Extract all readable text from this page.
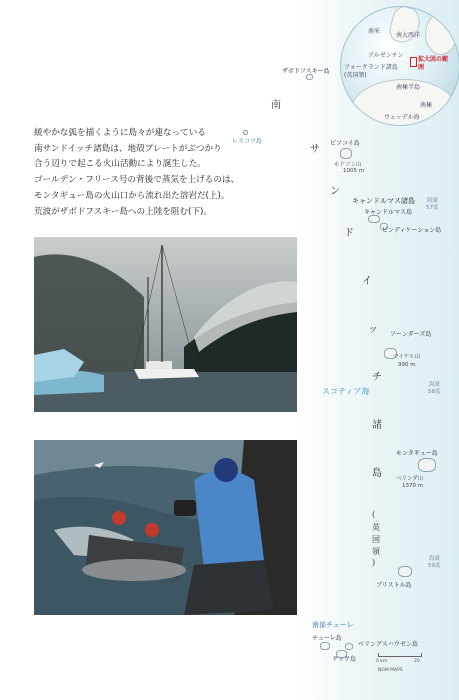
南米
南大西洋
アルゼンチン
フォークランド諸島(英国領)
南極半島
南極
ウェッデル海
拡大図の範囲
緩やかな弧を描くように島々が連なっている
南サンドイッチ諸島は、地殻プレートがぶつかり
合う辺りで起こる火山活動により誕生した。
ゴールデン・フリース号の背後で蒸気を上げるのは、
モンタギュー島の火山口から流れ出た溶岩だ(上)。
荒波がザボドフスキー島への上陸を阻む(下)。
南
サ
ン
ド
イ
ッ
チ
諸
島
(
英
国
領
)
スコティア海
ザボドフスキー島
レスコフ島	ビソコイ島
ホドソン山
1005 m
キャンドルマス諸島
キャンドルマス島
ビンディケーション島
海溝
57度
ソーンダーズ島
マイケル山
990 m
海溝
58度
モンタギュー島
ベリンダ山
1370 m
海溝
59度
ブリストル島
南部チューレ
チューレ島
ベリングスハウゼン島
クック島	0 km	20
NGM MAPS
